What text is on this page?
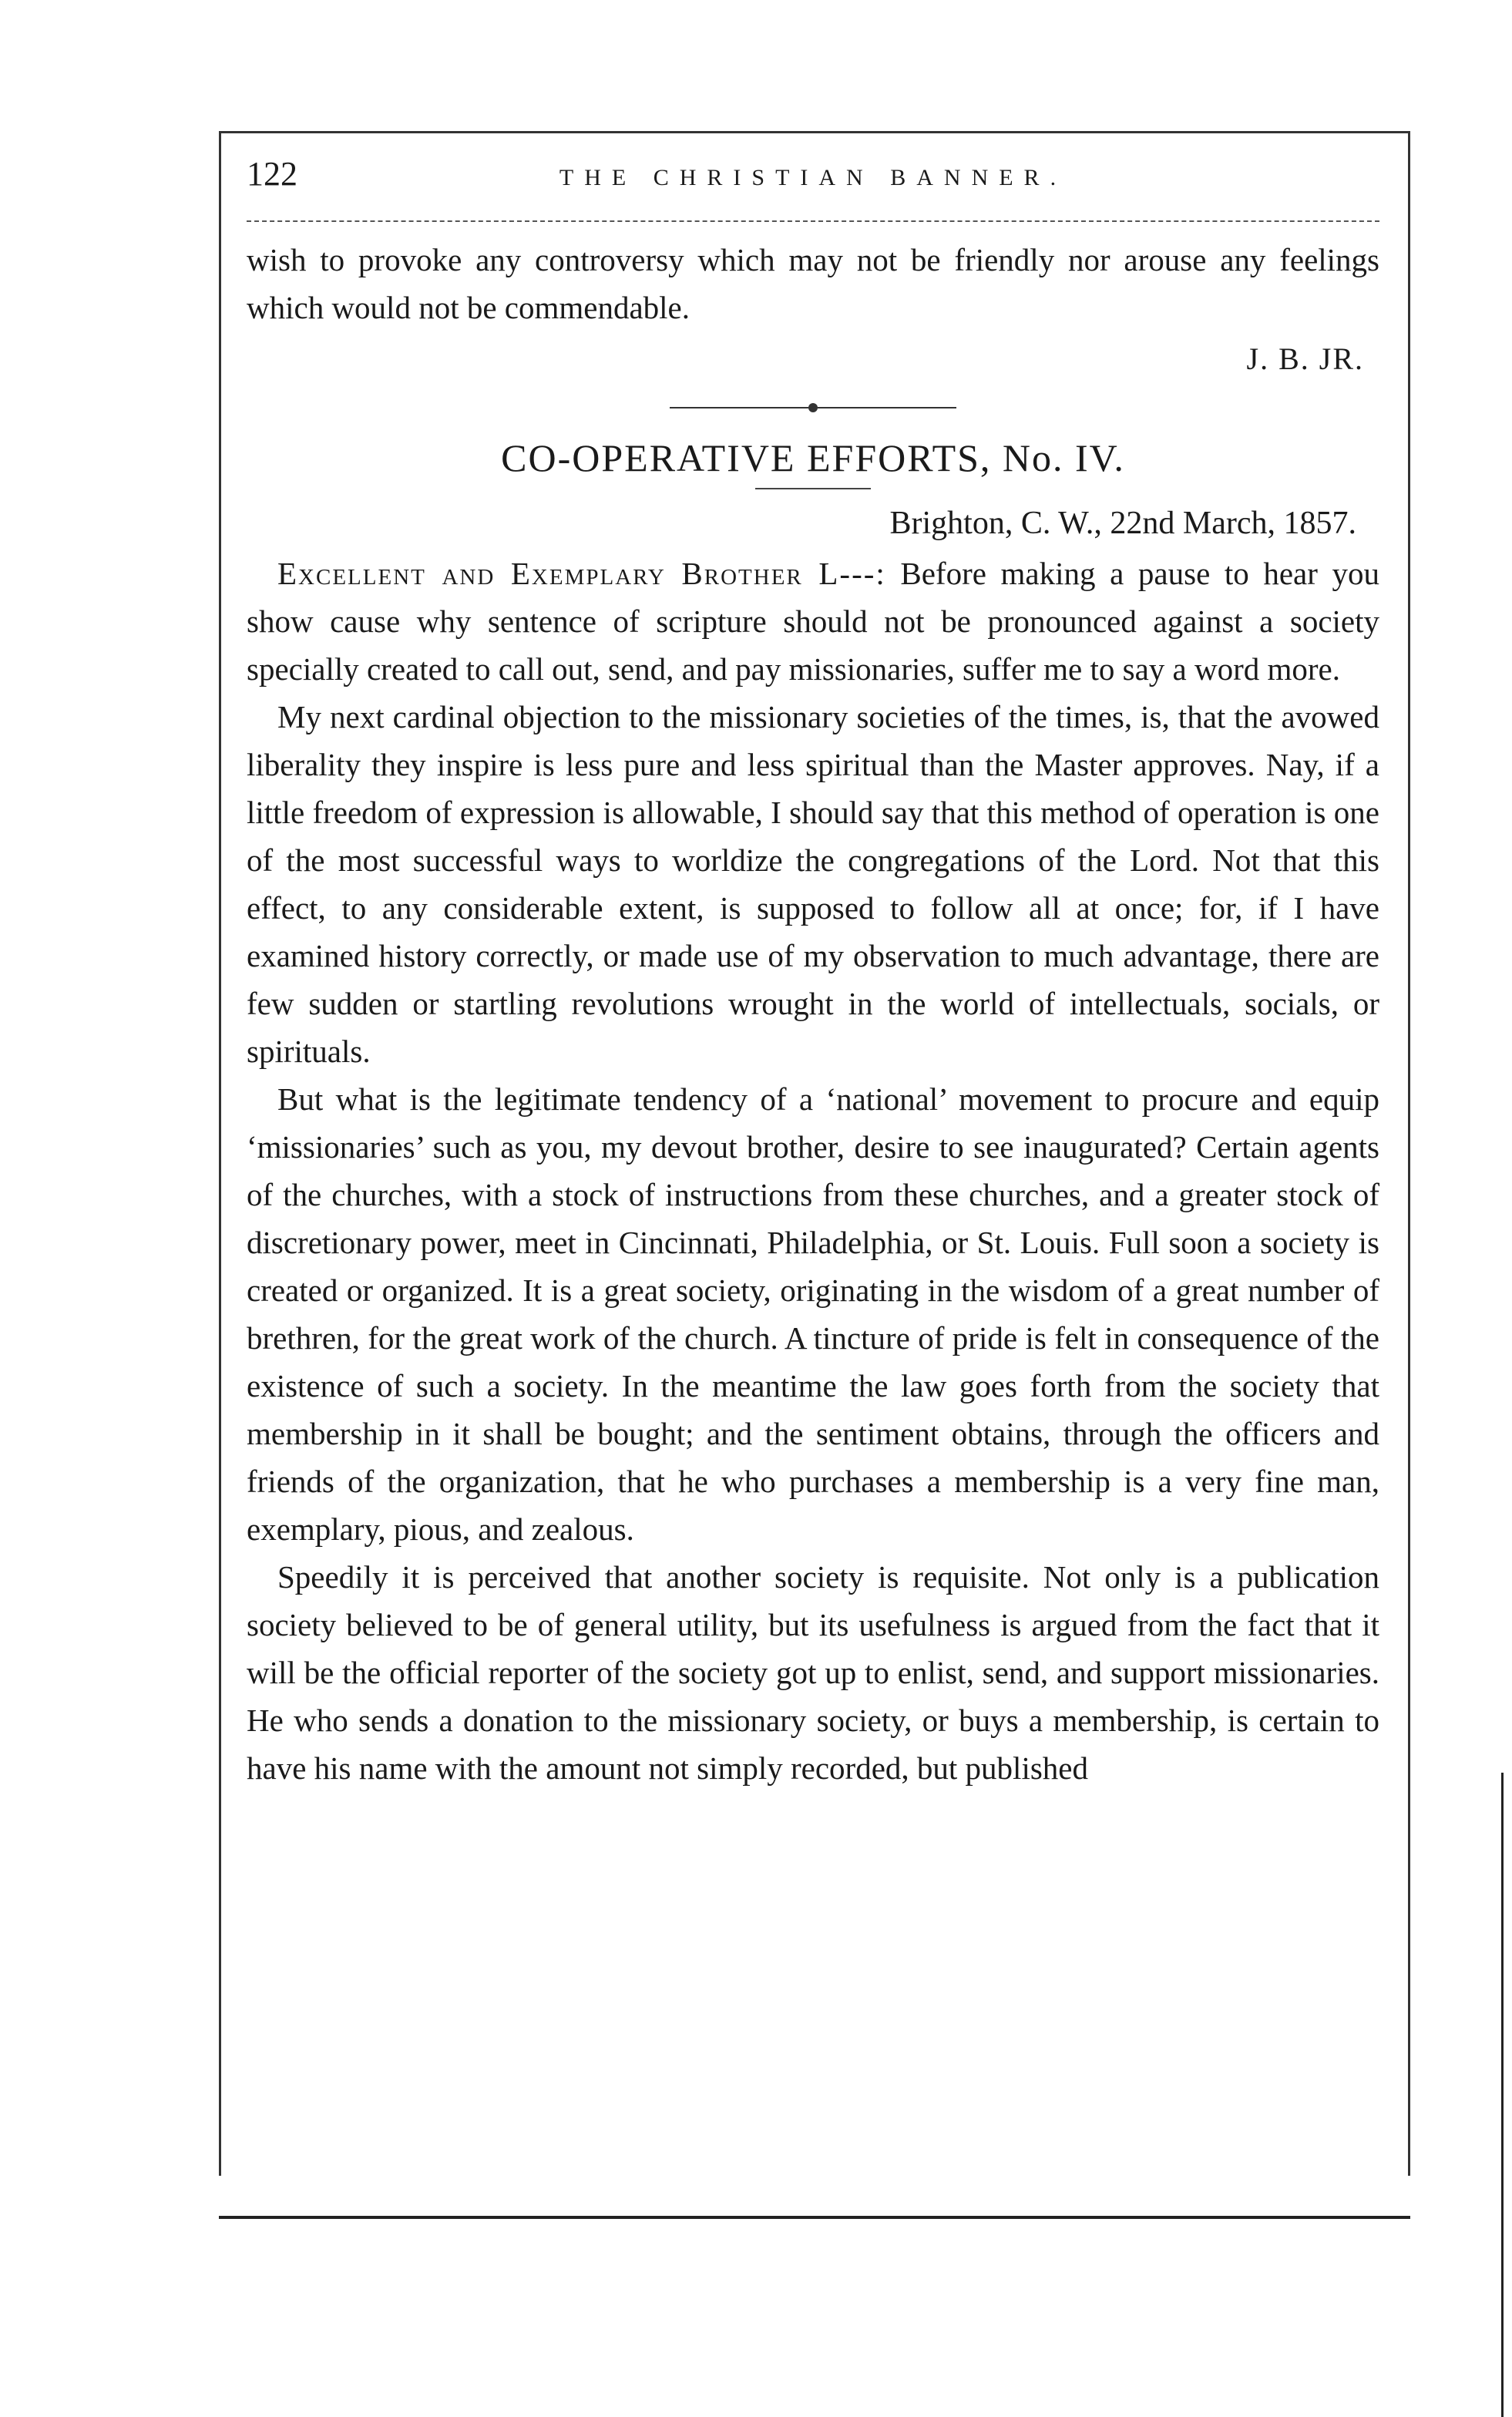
122	THE CHRISTIAN BANNER.

wish to provoke any controversy which may not be friendly nor arouse any feelings which would not be commendable.

J. B. JR.
CO-OPERATIVE EFFORTS, No. IV.
Brighton, C. W., 22nd March, 1857.

Excellent and Exemplary Brother L---: Before making a pause to hear you show cause why sentence of scripture should not be pronounced against a society specially created to call out, send, and pay missionaries, suffer me to say a word more.

My next cardinal objection to the missionary societies of the times, is, that the avowed liberality they inspire is less pure and less spiritual than the Master approves. Nay, if a little freedom of expression is allowable, I should say that this method of operation is one of the most successful ways to worldize the congregations of the Lord. Not that this effect, to any considerable extent, is supposed to follow all at once; for, if I have examined history correctly, or made use of my observation to much advantage, there are few sudden or startling revolutions wrought in the world of intellectuals, socials, or spirituals.

But what is the legitimate tendency of a ‘national’ movement to procure and equip ‘missionaries’ such as you, my devout brother, desire to see inaugurated? Certain agents of the churches, with a stock of instructions from these churches, and a greater stock of discretionary power, meet in Cincinnati, Philadelphia, or St. Louis. Full soon a society is created or organized. It is a great society, originating in the wisdom of a great number of brethren, for the great work of the church. A tincture of pride is felt in consequence of the existence of such a society. In the meantime the law goes forth from the society that membership in it shall be bought; and the sentiment obtains, through the officers and friends of the organization, that he who purchases a membership is a very fine man, exemplary, pious, and zealous.

Speedily it is perceived that another society is requisite. Not only is a publication society believed to be of general utility, but its usefulness is argued from the fact that it will be the official reporter of the society got up to enlist, send, and support missionaries. He who sends a donation to the missionary society, or buys a membership, is certain to have his name with the amount not simply recorded, but published
